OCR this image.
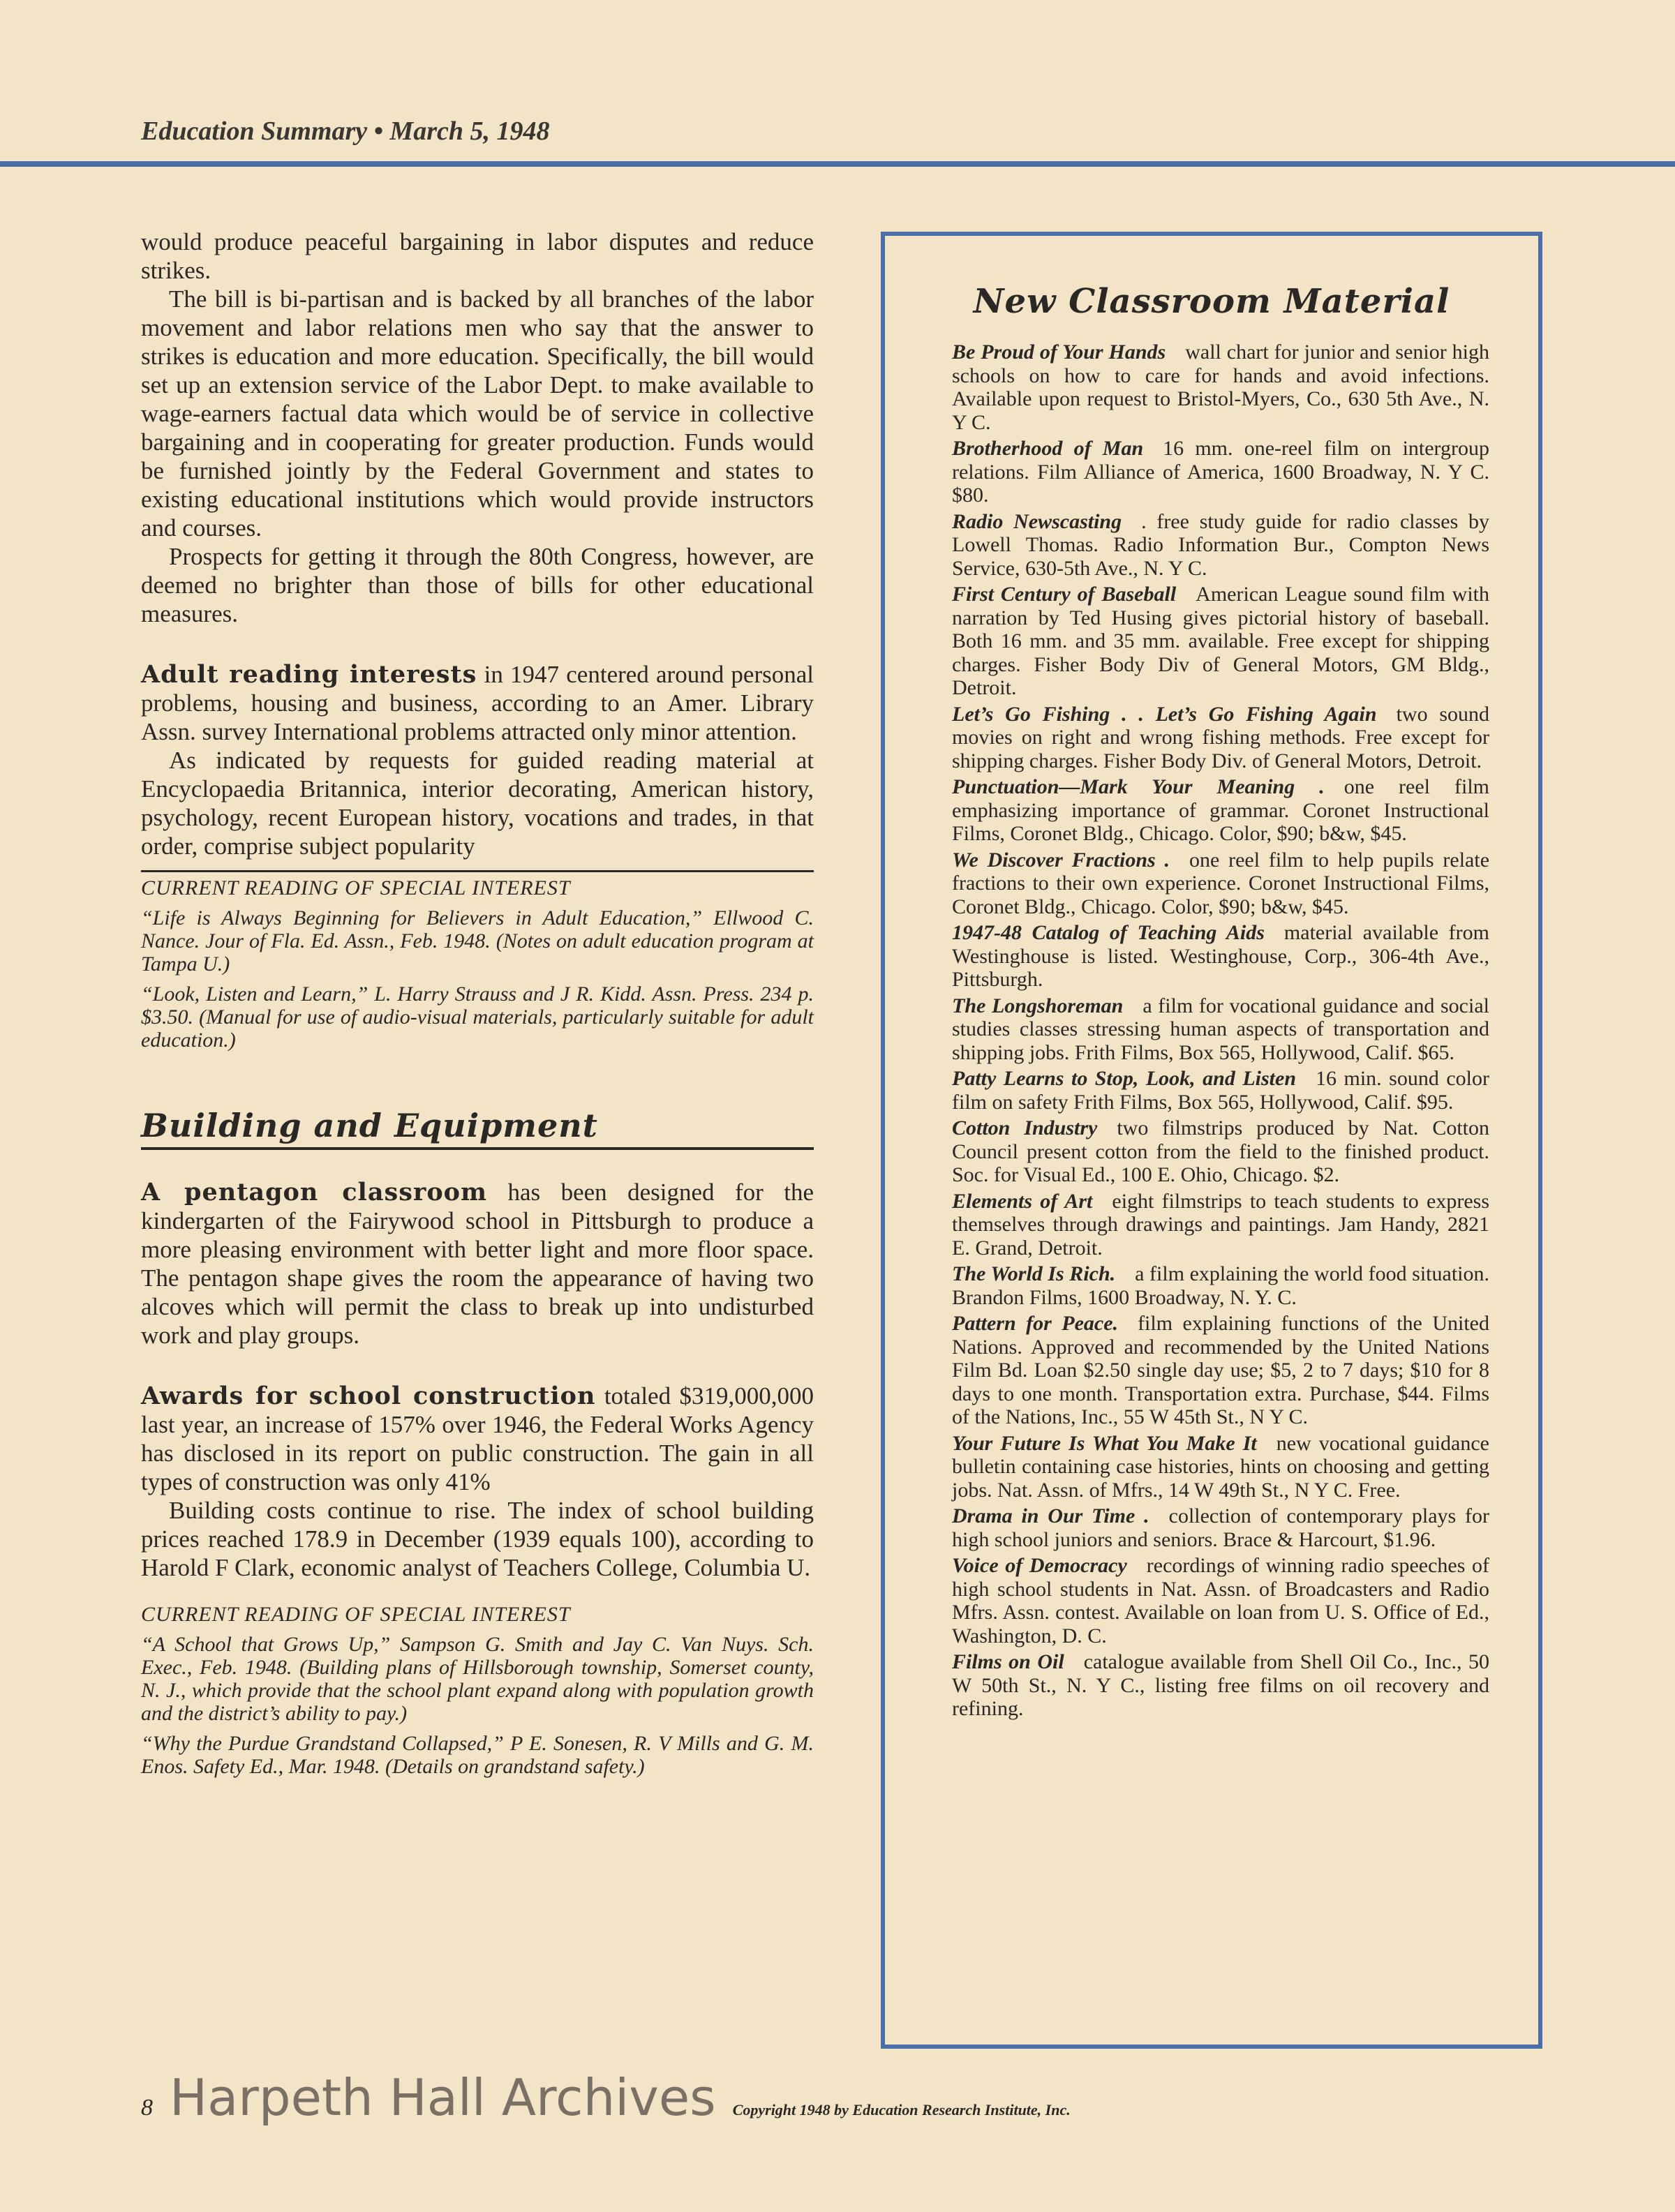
Education Summary • March 5, 1948

would produce peaceful bargaining in labor disputes and reduce strikes.

The bill is bi-partisan and is backed by all branches of the labor movement and labor relations men who say that the answer to strikes is education and more education. Specifically, the bill would set up an extension service of the Labor Dept. to make available to wage-earners factual data which would be of service in collective bargaining and in cooperating for greater production. Funds would be furnished jointly by the Federal Government and states to existing educational institutions which would provide instructors and courses.

Prospects for getting it through the 80th Congress, however, are deemed no brighter than those of bills for other educational measures.

Adult reading interests in 1947 centered around personal problems, housing and business, according to an Amer. Library Assn. survey International problems attracted only minor attention.

As indicated by requests for guided reading material at Encyclopaedia Britannica, interior decorating, American history, psychology, recent European history, vocations and trades, in that order, comprise subject popularity

CURRENT READING OF SPECIAL INTEREST
“Life is Always Beginning for Believers in Adult Education,” Ellwood C. Nance. Jour of Fla. Ed. Assn., Feb. 1948. (Notes on adult education program at Tampa U.)
“Look, Listen and Learn,” L. Harry Strauss and J R. Kidd. Assn. Press. 234 p. $3.50. (Manual for use of audio-visual materials, particularly suitable for adult education.)
Building and Equipment

A pentagon classroom has been designed for the kindergarten of the Fairywood school in Pittsburgh to produce a more pleasing environment with better light and more floor space. The pentagon shape gives the room the appearance of having two alcoves which will permit the class to break up into undisturbed work and play groups.

Awards for school construction totaled $319,000,000 last year, an increase of 157% over 1946, the Federal Works Agency has disclosed in its report on public construction. The gain in all types of construction was only 41%

Building costs continue to rise. The index of school building prices reached 178.9 in December (1939 equals 100), according to Harold F Clark, economic analyst of Teachers College, Columbia U.

CURRENT READING OF SPECIAL INTEREST
“A School that Grows Up,” Sampson G. Smith and Jay C. Van Nuys. Sch. Exec., Feb. 1948. (Building plans of Hillsborough township, Somerset county, N. J., which provide that the school plant expand along with population growth and the district’s ability to pay.)
“Why the Purdue Grandstand Collapsed,” P E. Sonesen, R. V Mills and G. M. Enos. Safety Ed., Mar. 1948. (Details on grandstand safety.)
8 Harpeth Hall Archives Copyright 1948 by Education Research Institute, Inc.
New Classroom Material
Be Proud of Your Hands wall chart for junior and senior high schools on how to care for hands and avoid infections. Available upon request to Bristol-Myers, Co., 630 5th Ave., N. Y C.
Brotherhood of Man 16 mm. one-reel film on intergroup relations. Film Alliance of America, 1600 Broadway, N. Y C. $80.
Radio Newscasting . free study guide for radio classes by Lowell Thomas. Radio Information Bur., Compton News Service, 630-5th Ave., N. Y C.
First Century of Baseball American League sound film with narration by Ted Husing gives pictorial history of baseball. Both 16 mm. and 35 mm. available. Free except for shipping charges. Fisher Body Div of General Motors, GM Bldg., Detroit.
Let’s Go Fishing . . Let’s Go Fishing Again two sound movies on right and wrong fishing methods. Free except for shipping charges. Fisher Body Div. of General Motors, Detroit.
Punctuation—Mark Your Meaning . one reel film emphasizing importance of grammar. Coronet Instructional Films, Coronet Bldg., Chicago. Color, $90; b&w, $45.
We Discover Fractions . one reel film to help pupils relate fractions to their own experience. Coronet Instructional Films, Coronet Bldg., Chicago. Color, $90; b&w, $45.
1947-48 Catalog of Teaching Aids material available from Westinghouse is listed. Westinghouse, Corp., 306-4th Ave., Pittsburgh.
The Longshoreman a film for vocational guidance and social studies classes stressing human aspects of transportation and shipping jobs. Frith Films, Box 565, Hollywood, Calif. $65.
Patty Learns to Stop, Look, and Listen 16 min. sound color film on safety Frith Films, Box 565, Hollywood, Calif. $95.
Cotton Industry two filmstrips produced by Nat. Cotton Council present cotton from the field to the finished product. Soc. for Visual Ed., 100 E. Ohio, Chicago. $2.
Elements of Art eight filmstrips to teach students to express themselves through drawings and paintings. Jam Handy, 2821 E. Grand, Detroit.
The World Is Rich. a film explaining the world food situation. Brandon Films, 1600 Broadway, N. Y. C.
Pattern for Peace. film explaining functions of the United Nations. Approved and recommended by the United Nations Film Bd. Loan $2.50 single day use; $5, 2 to 7 days; $10 for 8 days to one month. Transportation extra. Purchase, $44. Films of the Nations, Inc., 55 W 45th St., N Y C.
Your Future Is What You Make It new vocational guidance bulletin containing case histories, hints on choosing and getting jobs. Nat. Assn. of Mfrs., 14 W 49th St., N Y C. Free.
Drama in Our Time . collection of contemporary plays for high school juniors and seniors. Brace & Harcourt, $1.96.
Voice of Democracy recordings of winning radio speeches of high school students in Nat. Assn. of Broadcasters and Radio Mfrs. Assn. contest. Available on loan from U. S. Office of Ed., Washington, D. C.
Films on Oil catalogue available from Shell Oil Co., Inc., 50 W 50th St., N. Y C., listing free films on oil recovery and refining.
